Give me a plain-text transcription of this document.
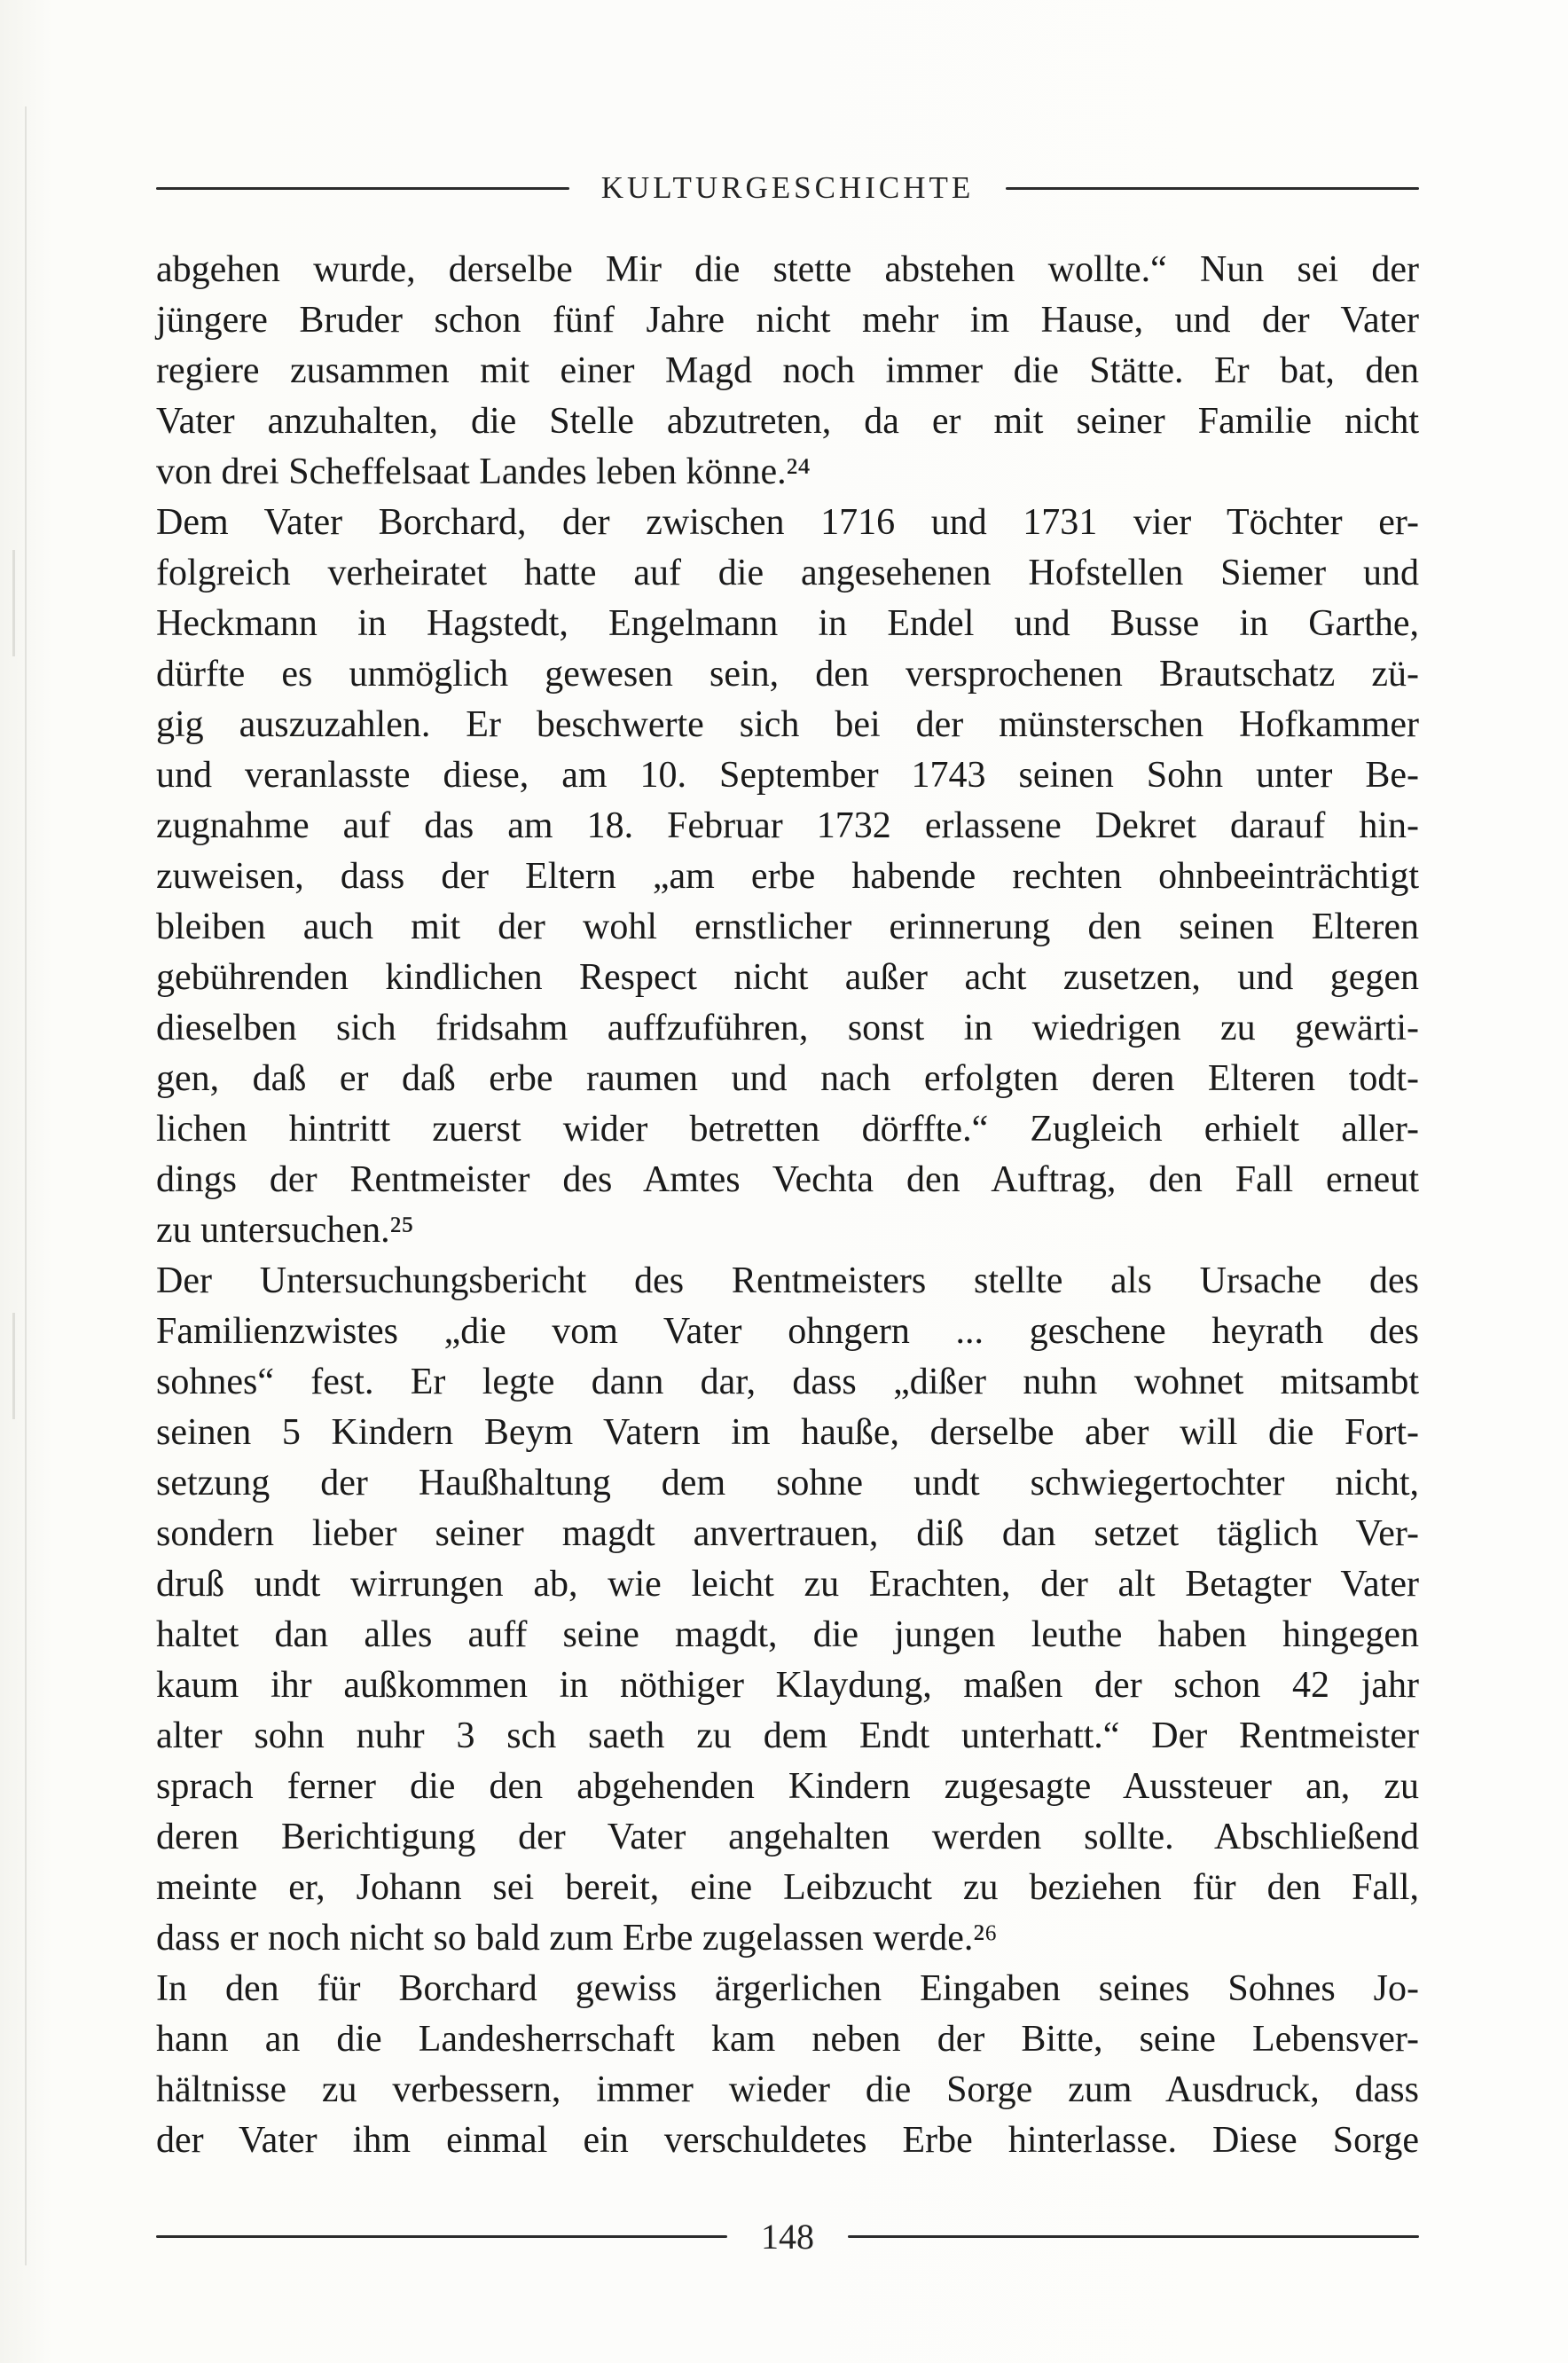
KULTURGESCHICHTE
abgehen wurde, derselbe Mir die stette abstehen wollte.“ Nun sei der
jüngere Bruder schon fünf Jahre nicht mehr im Hause, und der Vater
regiere zusammen mit einer Magd noch immer die Stätte. Er bat, den
Vater anzuhalten, die Stelle abzutreten, da er mit seiner Familie nicht
von drei Scheffelsaat Landes leben könne.²⁴
Dem Vater Borchard, der zwischen 1716 und 1731 vier Töchter er-
folgreich verheiratet hatte auf die angesehenen Hofstellen Siemer und
Heckmann in Hagstedt, Engelmann in Endel und Busse in Garthe,
dürfte es unmöglich gewesen sein, den versprochenen Brautschatz zü-
gig auszuzahlen. Er beschwerte sich bei der münsterschen Hofkammer
und veranlasste diese, am 10. September 1743 seinen Sohn unter Be-
zugnahme auf das am 18. Februar 1732 erlassene Dekret darauf hin-
zuweisen, dass der Eltern „am erbe habende rechten ohnbeeinträchtigt
bleiben auch mit der wohl ernstlicher erinnerung den seinen Elteren
gebührenden kindlichen Respect nicht außer acht zusetzen, und gegen
dieselben sich fridsahm auffzuführen, sonst in wiedrigen zu gewärti-
gen, daß er daß erbe raumen und nach erfolgten deren Elteren todt-
lichen hintritt zuerst wider betretten dörffte.“ Zugleich erhielt aller-
dings der Rentmeister des Amtes Vechta den Auftrag, den Fall erneut
zu untersuchen.²⁵
Der Untersuchungsbericht des Rentmeisters stellte als Ursache des
Familienzwistes „die vom Vater ohngern ... geschene heyrath des
sohnes“ fest. Er legte dann dar, dass „dißer nuhn wohnet mitsambt
seinen 5 Kindern Beym Vatern im hauße, derselbe aber will die Fort-
setzung der Haußhaltung dem sohne undt schwiegertochter nicht,
sondern lieber seiner magdt anvertrauen, diß dan setzet täglich Ver-
druß undt wirrungen ab, wie leicht zu Erachten, der alt Betagter Vater
haltet dan alles auff seine magdt, die jungen leuthe haben hingegen
kaum ihr außkommen in nöthiger Klaydung, maßen der schon 42 jahr
alter sohn nuhr 3 sch saeth zu dem Endt unterhatt.“ Der Rentmeister
sprach ferner die den abgehenden Kindern zugesagte Aussteuer an, zu
deren Berichtigung der Vater angehalten werden sollte. Abschließend
meinte er, Johann sei bereit, eine Leibzucht zu beziehen für den Fall,
dass er noch nicht so bald zum Erbe zugelassen werde.²⁶
In den für Borchard gewiss ärgerlichen Eingaben seines Sohnes Jo-
hann an die Landesherrschaft kam neben der Bitte, seine Lebensver-
hältnisse zu verbessern, immer wieder die Sorge zum Ausdruck, dass
der Vater ihm einmal ein verschuldetes Erbe hinterlasse. Diese Sorge
148
